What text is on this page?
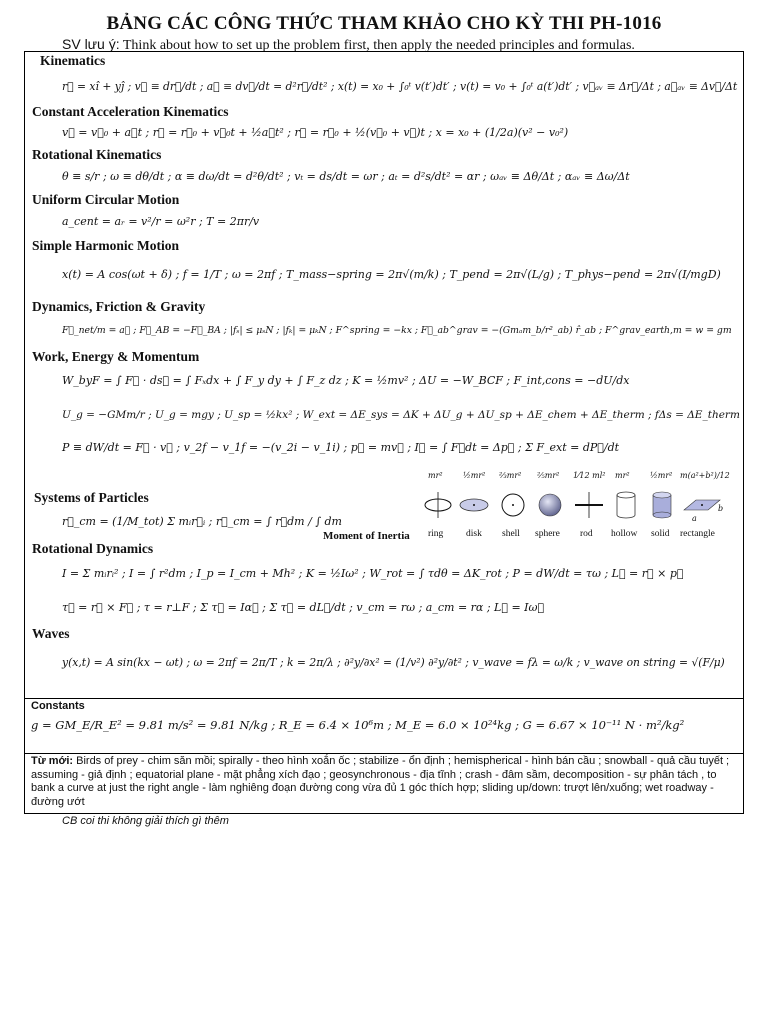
BẢNG CÁC CÔNG THỨC THAM KHẢO CHO KỲ THI PH-1016
SV lưu ý: Think about how to set up the problem first, then apply the needed principles and formulas.
Kinematics
r⃗ = xî + yĵ ; v⃗ ≡ dr⃗/dt ; a⃗ ≡ dv⃗/dt = d²r⃗/dt² ; x(t) = x₀ + ∫₀ᵗ v(t′)dt′ ; v(t) = v₀ + ∫₀ᵗ a(t′)dt′ ; v⃗ₐᵥ ≡ Δr⃗/Δt ; a⃗ₐᵥ ≡ Δv⃗/Δt
Constant Acceleration Kinematics
v⃗ = v⃗₀ + a⃗t ; r⃗ = r⃗₀ + v⃗₀t + ½a⃗t² ; r⃗ = r⃗₀ + ½(v⃗₀ + v⃗)t ; x = x₀ + (1/2a)(v² − v₀²)
Rotational Kinematics
θ ≡ s/r ; ω ≡ dθ/dt ; α ≡ dω/dt = d²θ/dt² ; vₜ = ds/dt = ωr ; aₜ = d²s/dt² = αr ; ωₐᵥ ≡ Δθ/Δt ; αₐᵥ ≡ Δω/Δt
Uniform Circular Motion
a_cent = aᵣ = v²/r = ω²r ; T = 2πr/v
Simple Harmonic Motion
x(t) = A cos(ωt + δ) ; f = 1/T ; ω = 2πf ; T_mass−spring = 2π√(m/k) ; T_pend = 2π√(L/g) ; T_phys−pend = 2π√(I/mgD)
Dynamics, Friction & Gravity
F⃗_net/m = a⃗ ; F⃗_AB = −F⃗_BA ; |fₛ| ≤ μₛN ; |fₖ| = μₖN ; F^spring = −kx ; F⃗_ab^grav = −(Gmₐm_b/r²_ab) r̂_ab ; F^grav_earth,m = w = gm
Work, Energy & Momentum
W_byF = ∫ F⃗ · ds⃗ = ∫ Fₓdx + ∫ F_y dy + ∫ F_z dz ; K = ½mv² ; ΔU = −W_BCF ; F_int,cons = −dU/dx
U_g = −GMm/r ; U_g = mgy ; U_sp = ½kx² ; W_ext = ΔE_sys = ΔK + ΔU_g + ΔU_sp + ΔE_chem + ΔE_therm ; fΔs = ΔE_therm
P ≡ dW/dt = F⃗ · v⃗ ; v_2f − v_1f = −(v_2i − v_1i) ; p⃗ = mv⃗ ; I⃗ = ∫ F⃗dt = Δp⃗ ; Σ F_ext = dP⃗/dt
Systems of Particles
r⃗_cm = (1/M_tot) Σ mᵢr⃗ᵢ ; r⃗_cm = ∫ r⃗dm / ∫ dm
Moment of Inertia
mr²	½mr² ⅔mr² ⅖mr² 1⁄12 ml² mr²	½mr² m(a²+b²)/12
a
b
ring disk shell sphere rod hollow solid rectangle
Rotational Dynamics
I = Σ mᵢrᵢ² ; I = ∫ r²dm ; I_p = I_cm + Mh² ; K = ½Iω² ; W_rot = ∫ τdθ = ΔK_rot ; P = dW/dt = τω ; L⃗ = r⃗ × p⃗
τ⃗ = r⃗ × F⃗ ; τ = r⊥F ; Σ τ⃗ = Iα⃗ ; Σ τ⃗ = dL⃗/dt ; v_cm = rω ; a_cm = rα ; L⃗ = Iω⃗
Waves
y(x,t) = A sin(kx − ωt) ; ω = 2πf = 2π/T ; k = 2π/λ ; ∂²y/∂x² = (1/v²) ∂²y/∂t² ; v_wave = fλ = ω/k ; v_wave on string = √(F/μ)
Constants
g = GM_E/R_E² = 9.81 m/s² = 9.81 N/kg ; R_E = 6.4 × 10⁶m ; M_E = 6.0 × 10²⁴kg ; G = 6.67 × 10⁻¹¹ N · m²/kg²
Từ mới: Birds of prey - chim săn mồi; spirally - theo hình xoắn ốc ; stabilize - ổn định ; hemispherical - hình bán cầu ; snowball - quả cầu tuyết ; assuming - giả định ; equatorial plane - mặt phẳng xích đạo ; geosynchronous - địa tĩnh ; crash - đâm sầm, decomposition - sự phân tách , to bank a curve at just the right angle - làm nghiêng đoạn đường cong vừa đủ 1 góc thích hợp; sliding up/down: trượt lên/xuống; wet roadway - đường ướt
CB coi thi không giải thích gì thêm
